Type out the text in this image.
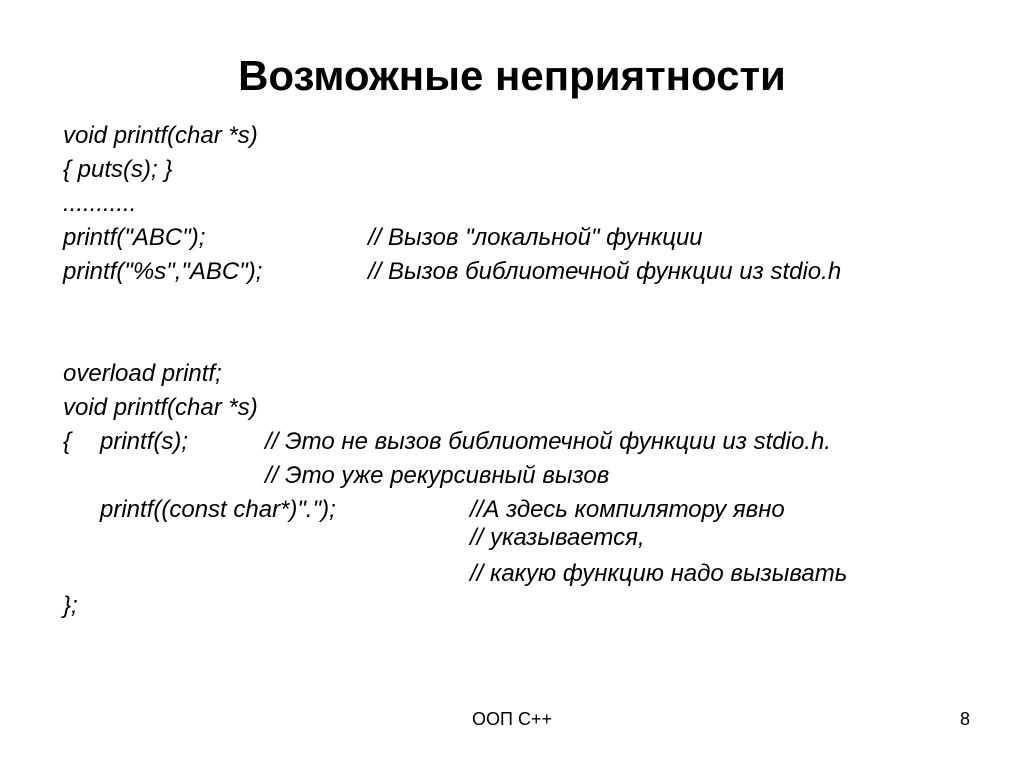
Возможные неприятности
void printf(char *s)
{ puts(s); }
...........
printf("ABC");	// Вызов "локальной" функции
printf("%s","ABC");	// Вызов библиотечной функции из stdio.h
overload printf;
void printf(char *s)
{ printf(s);	// Это не вызов библиотечной функции из stdio.h.
// Это уже рекурсивный вызов
printf((const char*)".");	//А здесь компилятору явно
// указывается,
// какую функцию надо вызывать
};
ООП С++	8
